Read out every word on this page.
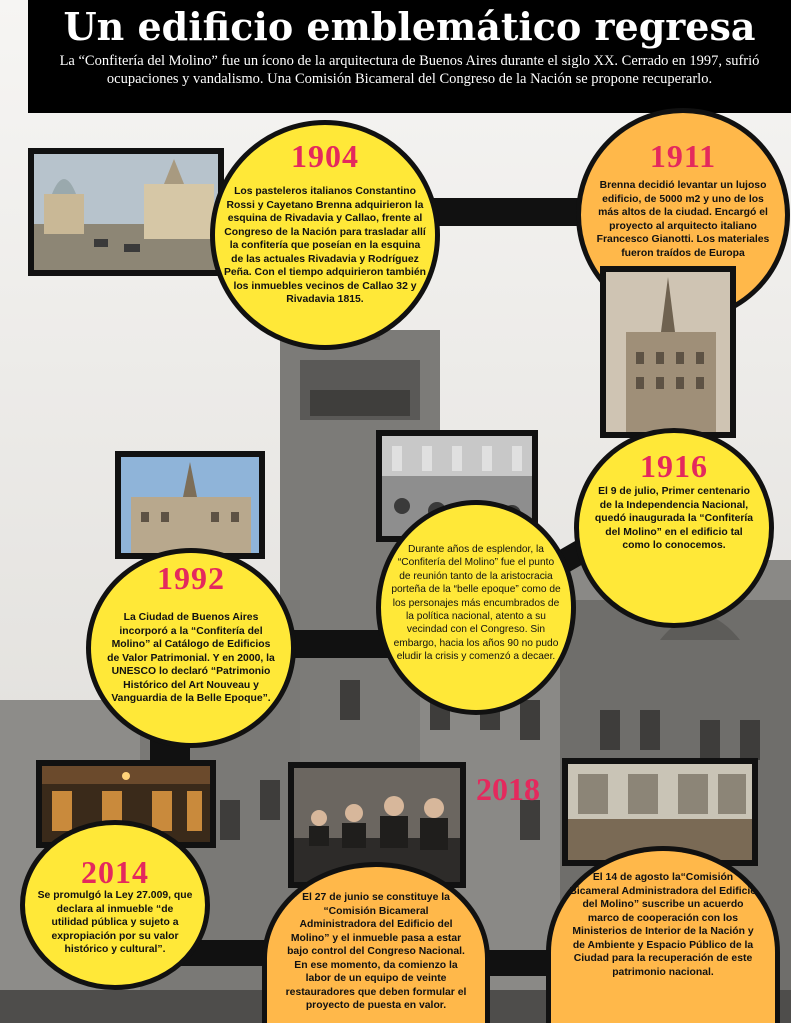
Un edificio emblemático regresa

La “Confitería del Molino” fue un ícono de la arquitectura de Buenos Aires durante el siglo XX. Cerrado en 1997, sufrió ocupaciones y vandalismo. Una Comisión Bicameral del Congreso de la Nación se propone recuperarlo.

1904
Los pasteleros italianos Constantino Rossi y Cayetano Brenna adquirieron la esquina de Rivadavia y Callao, frente al Congreso de la Nación para trasladar allí la confitería que poseían en la esquina de las actuales Rivadavia y Rodríguez Peña. Con el tiempo adquirieron también los inmuebles vecinos de Callao 32 y Rivadavia 1815.
1911
Brenna decidió levantar un lujoso edificio, de 5000 m2 y uno de los más altos de la ciudad. Encargó el proyecto al arquitecto italiano Francesco Gianotti. Los materiales fueron traídos de Europa
1916
El 9 de julio, Primer centenario de la Independencia Nacional, quedó inaugurada la “Confitería del Molino” en el edificio tal como lo conocemos.
Durante años de esplendor, la “Confitería del Molino” fue el punto de reunión tanto de la aristocracia porteña de la “belle epoque” como de los personajes más encumbrados de la política nacional, atento a su vecindad con el Congreso. Sin embargo, hacia los años 90 no pudo eludir la crisis y comenzó a decaer.
1992
La Ciudad de Buenos Aires incorporó a la “Confitería del Molino” al Catálogo de Edificios de Valor Patrimonial. Y en 2000, la UNESCO lo declaró “Patrimonio Histórico del Art Nouveau y Vanguardia de la Belle Epoque”.
2014
Se promulgó la Ley 27.009, que declara al inmueble “de utilidad pública y sujeto a expropiación por su valor histórico y cultural”.
2018
El 27 de junio se constituye la “Comisión Bicameral Administradora del Edificio del Molino” y el inmueble pasa a estar bajo control del Congreso Nacional. En ese momento, da comienzo la labor de un equipo de veinte restauradores que deben formular el proyecto de puesta en valor.
El 14 de agosto la“Comisión Bicameral Administradora del Edificio del Molino” suscribe un acuerdo marco de cooperación con los Ministerios de Interior de la Nación y de Ambiente y Espacio Público de la Ciudad para la recuperación de este patrimonio nacional.
